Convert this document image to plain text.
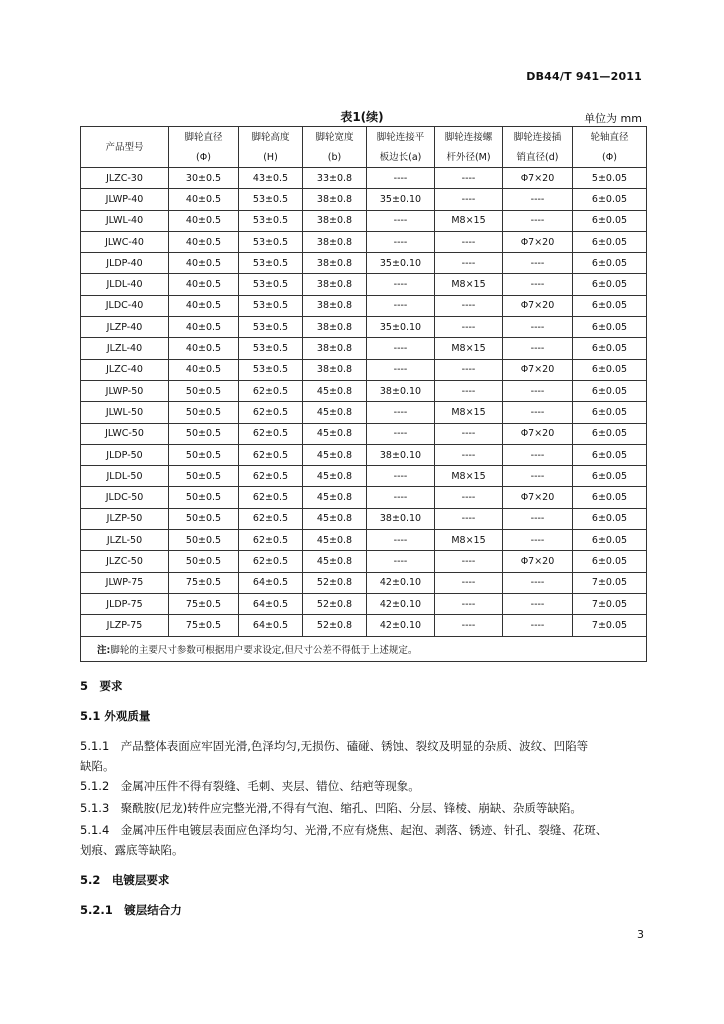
DB44/T 941—2011
表1(续)	单位为 mm
产品型号	脚轮直径	脚轮高度	脚轮宽度	脚轮连接平	脚轮连接螺	脚轮连接插	轮轴直径
	(Φ)	(H)	(b)	板边长(a)	杆外径(M)	销直径(d)	(Φ)
JLZC-30	30±0.5	43±0.5	33±0.8	----	----	Φ7×20	5±0.05
JLWP-40	40±0.5	53±0.5	38±0.8	35±0.10	----	----	6±0.05
JLWL-40	40±0.5	53±0.5	38±0.8	----	M8×15	----	6±0.05
JLWC-40	40±0.5	53±0.5	38±0.8	----	----	Φ7×20	6±0.05
JLDP-40	40±0.5	53±0.5	38±0.8	35±0.10	----	----	6±0.05
JLDL-40	40±0.5	53±0.5	38±0.8	----	M8×15	----	6±0.05
JLDC-40	40±0.5	53±0.5	38±0.8	----	----	Φ7×20	6±0.05
JLZP-40	40±0.5	53±0.5	38±0.8	35±0.10	----	----	6±0.05
JLZL-40	40±0.5	53±0.5	38±0.8	----	M8×15	----	6±0.05
JLZC-40	40±0.5	53±0.5	38±0.8	----	----	Φ7×20	6±0.05
JLWP-50	50±0.5	62±0.5	45±0.8	38±0.10	----	----	6±0.05
JLWL-50	50±0.5	62±0.5	45±0.8	----	M8×15	----	6±0.05
JLWC-50	50±0.5	62±0.5	45±0.8	----	----	Φ7×20	6±0.05
JLDP-50	50±0.5	62±0.5	45±0.8	38±0.10	----	----	6±0.05
JLDL-50	50±0.5	62±0.5	45±0.8	----	M8×15	----	6±0.05
JLDC-50	50±0.5	62±0.5	45±0.8	----	----	Φ7×20	6±0.05
JLZP-50	50±0.5	62±0.5	45±0.8	38±0.10	----	----	6±0.05
JLZL-50	50±0.5	62±0.5	45±0.8	----	M8×15	----	6±0.05
JLZC-50	50±0.5	62±0.5	45±0.8	----	----	Φ7×20	6±0.05
JLWP-75	75±0.5	64±0.5	52±0.8	42±0.10	----	----	7±0.05
JLDP-75	75±0.5	64±0.5	52±0.8	42±0.10	----	----	7±0.05
JLZP-75	75±0.5	64±0.5	52±0.8	42±0.10	----	----	7±0.05
注:脚轮的主要尺寸参数可根据用户要求设定,但尺寸公差不得低于上述规定。							
5　要求
5.1 外观质量
5.1.1　产品整体表面应牢固光滑,色泽均匀,无损伤、磕碰、锈蚀、裂纹及明显的杂质、波纹、凹陷等
缺陷。
5.1.2　金属冲压件不得有裂缝、毛刺、夹层、错位、结疤等现象。
5.1.3　聚酰胺(尼龙)转件应完整光滑,不得有气泡、缩孔、凹陷、分层、锋棱、崩缺、杂质等缺陷。
5.1.4　金属冲压件电镀层表面应色泽均匀、光滑,不应有烧焦、起泡、剥落、锈迹、针孔、裂缝、花斑、
划痕、露底等缺陷。
5.2　电镀层要求
5.2.1　镀层结合力
3
